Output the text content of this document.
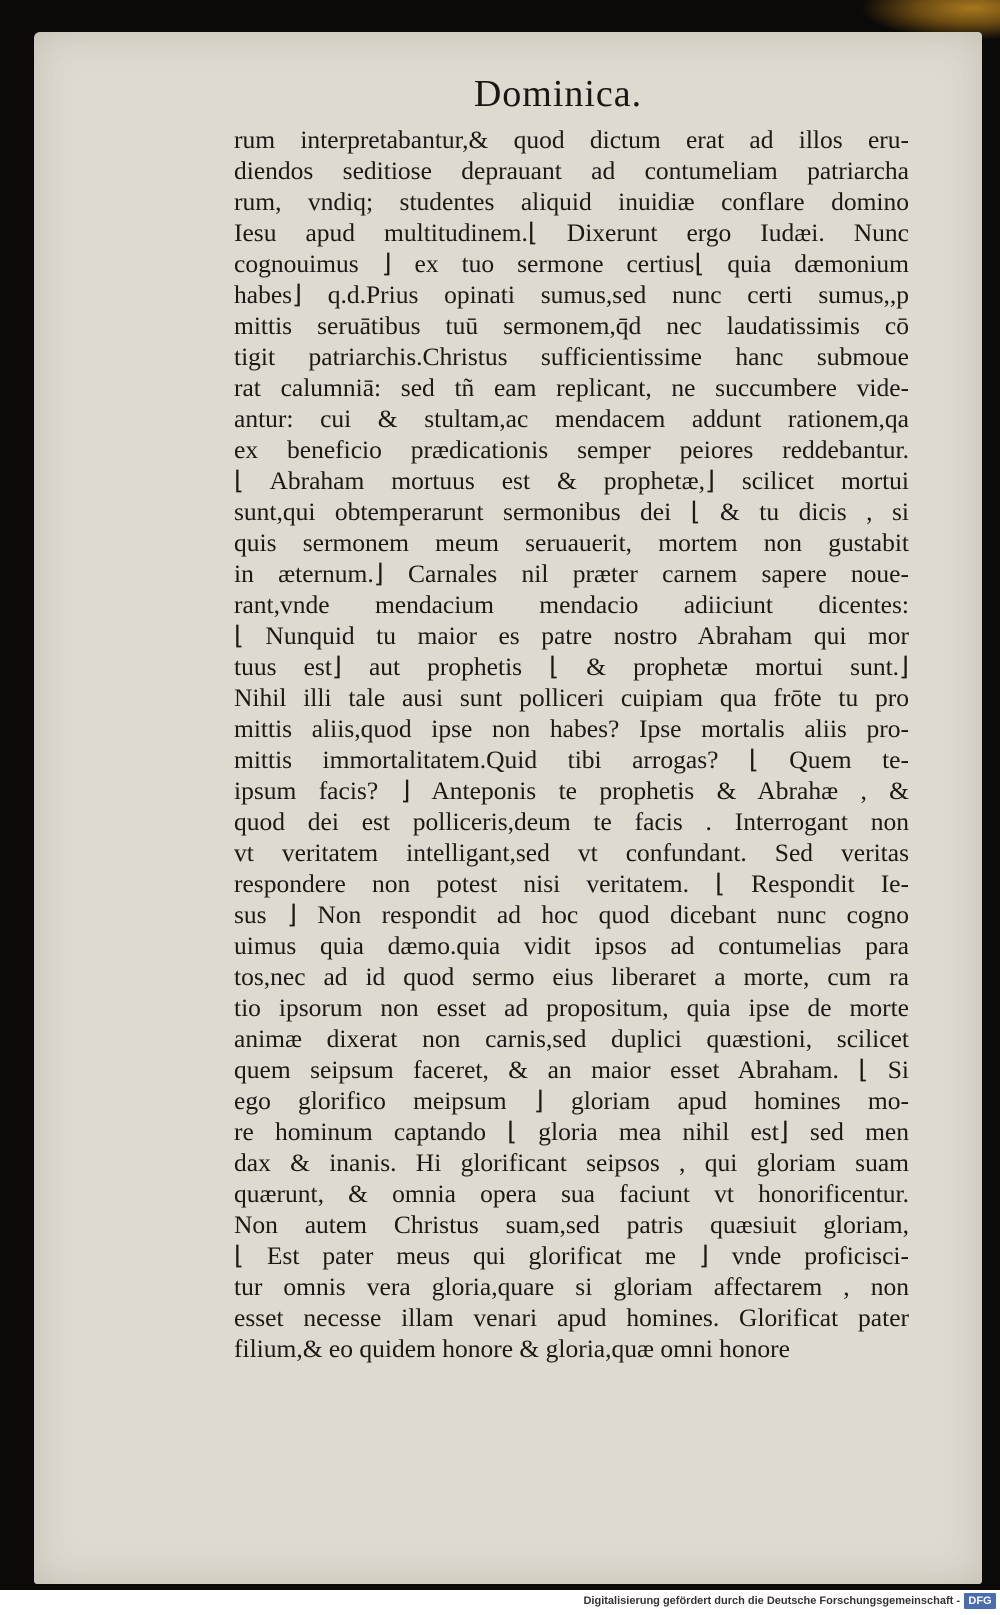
Dominica.
rum interpretabantur,& quod dictum erat ad illos eru-
diendos seditiose deprauant ad contumeliam patriarcha
rum, vndiq; studentes aliquid inuidiæ conflare domino
Iesu apud multitudinem.⌊ Dixerunt ergo Iudæi. Nunc
cognouimus ⌋ ex tuo sermone certius⌊ quia dæmonium
habes⌋ q.d.Prius opinati sumus,sed nunc certi sumus,,p
mittis seruātibus tuū sermonem,q̄d nec laudatissimis cō
tigit patriarchis.Christus sufficientissime hanc submoue
rat calumniā: sed tñ eam replicant, ne succumbere vide-
antur: cui & stultam,ac mendacem addunt rationem,qa
ex beneficio prædicationis semper peiores reddebantur.
⌊ Abraham mortuus est & prophetæ,⌋ scilicet mortui
sunt,qui obtemperarunt sermonibus dei ⌊ & tu dicis , si
quis sermonem meum seruauerit, mortem non gustabit
in æternum.⌋ Carnales nil præter carnem sapere noue-
rant,vnde mendacium mendacio adiiciunt dicentes:
⌊ Nunquid tu maior es patre nostro Abraham qui mor
tuus est⌋ aut prophetis ⌊ & prophetæ mortui sunt.⌋
Nihil illi tale ausi sunt polliceri cuipiam qua frōte tu pro
mittis aliis,quod ipse non habes? Ipse mortalis aliis pro-
mittis immortalitatem.Quid tibi arrogas? ⌊ Quem te-
ipsum facis? ⌋ Anteponis te prophetis & Abrahæ , &
quod dei est polliceris,deum te facis . Interrogant non
vt veritatem intelligant,sed vt confundant. Sed veritas
respondere non potest nisi veritatem. ⌊ Respondit Ie-
sus ⌋ Non respondit ad hoc quod dicebant nunc cogno
uimus quia dæmo.quia vidit ipsos ad contumelias para
tos,nec ad id quod sermo eius liberaret a morte, cum ra
tio ipsorum non esset ad propositum, quia ipse de morte
animæ dixerat non carnis,sed duplici quæstioni, scilicet
quem seipsum faceret, & an maior esset Abraham. ⌊ Si
ego glorifico meipsum ⌋ gloriam apud homines mo-
re hominum captando ⌊ gloria mea nihil est⌋ sed men
dax & inanis. Hi glorificant seipsos , qui gloriam suam
quærunt, & omnia opera sua faciunt vt honorificentur.
Non autem Christus suam,sed patris quæsiuit gloriam,
⌊ Est pater meus qui glorificat me ⌋ vnde proficisci-
tur omnis vera gloria,quare si gloriam affectarem , non
esset necesse illam venari apud homines. Glorificat pater
filium,& eo quidem honore & gloria,quæ omni honore
Digitalisierung gefördert durch die Deutsche Forschungsgemeinschaft - DFG
